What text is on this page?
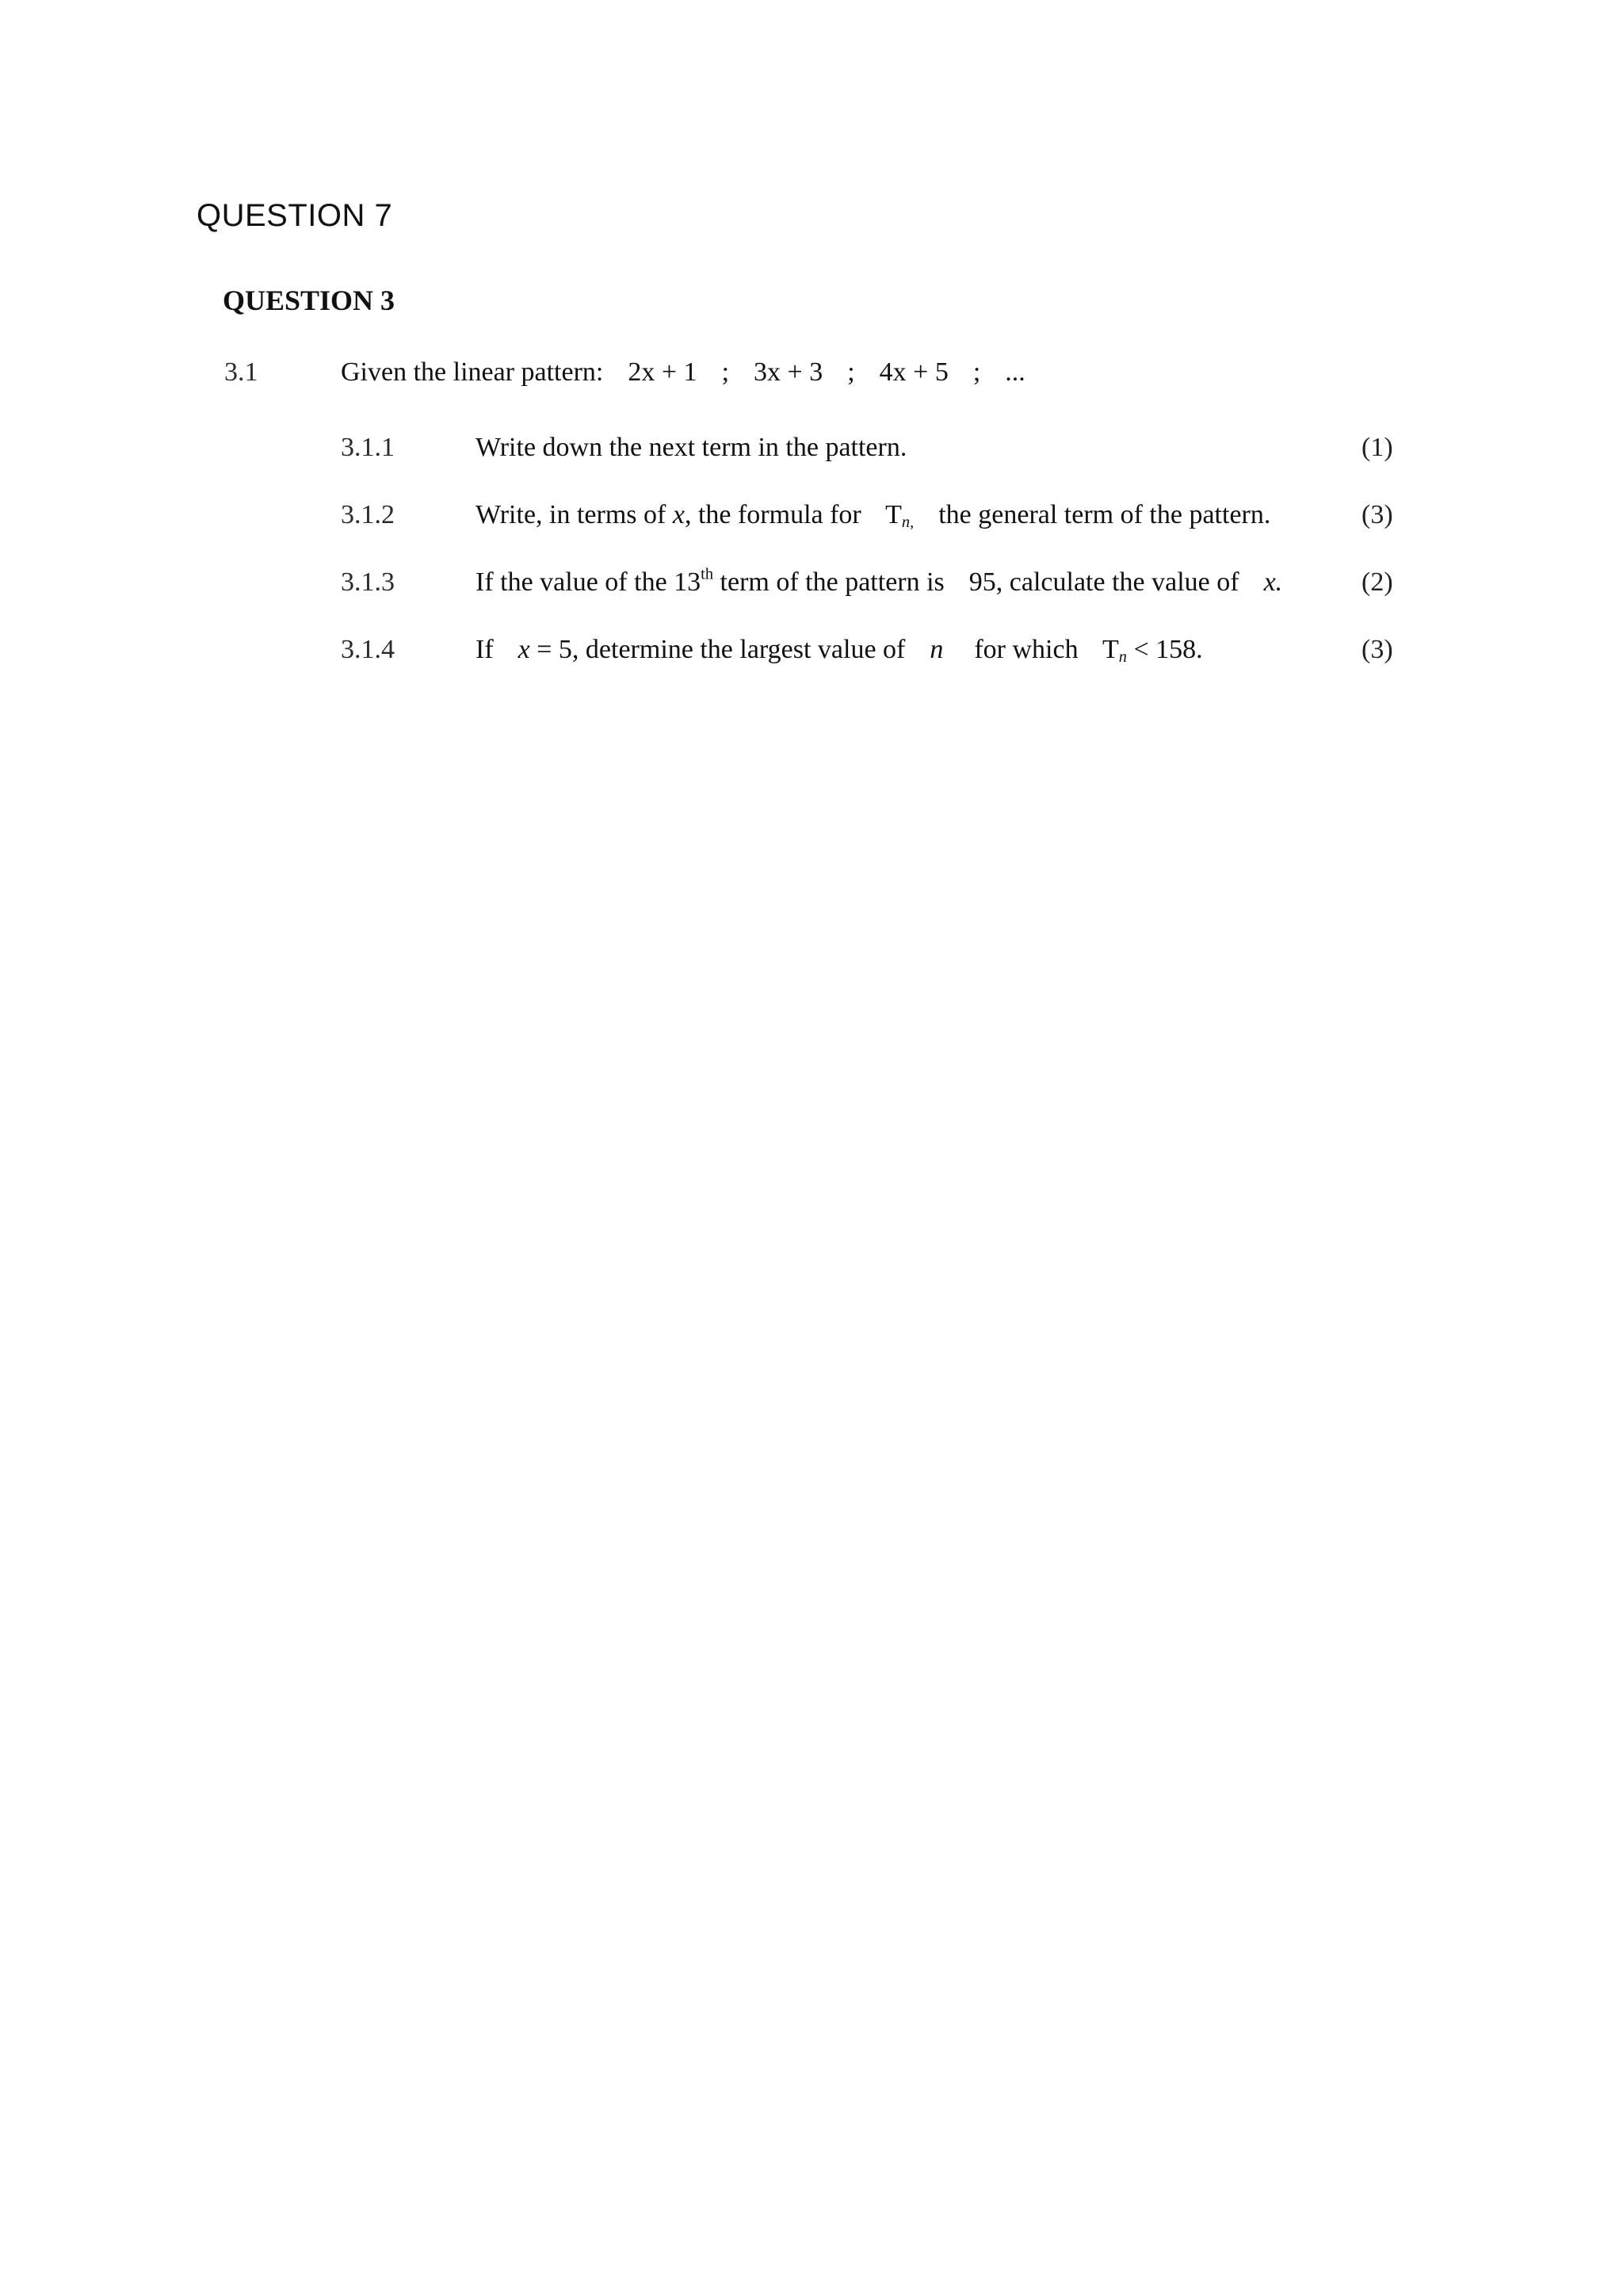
QUESTION 7
QUESTION 3
3.1	Given the linear pattern: 2x + 1 ; 3x + 3 ; 4x + 5 ; ...
3.1.1	Write down the next term in the pattern.	(1)
3.1.2	Write, in terms of x, the formula for $T_{n,}$ the general term of the pattern.	(3)
3.1.3	If the value of the 13th term of the pattern is 95, calculate the value of x.	(2)
3.1.4	If x = 5, determine the largest value of n for which $T_n < 158$.	(3)
